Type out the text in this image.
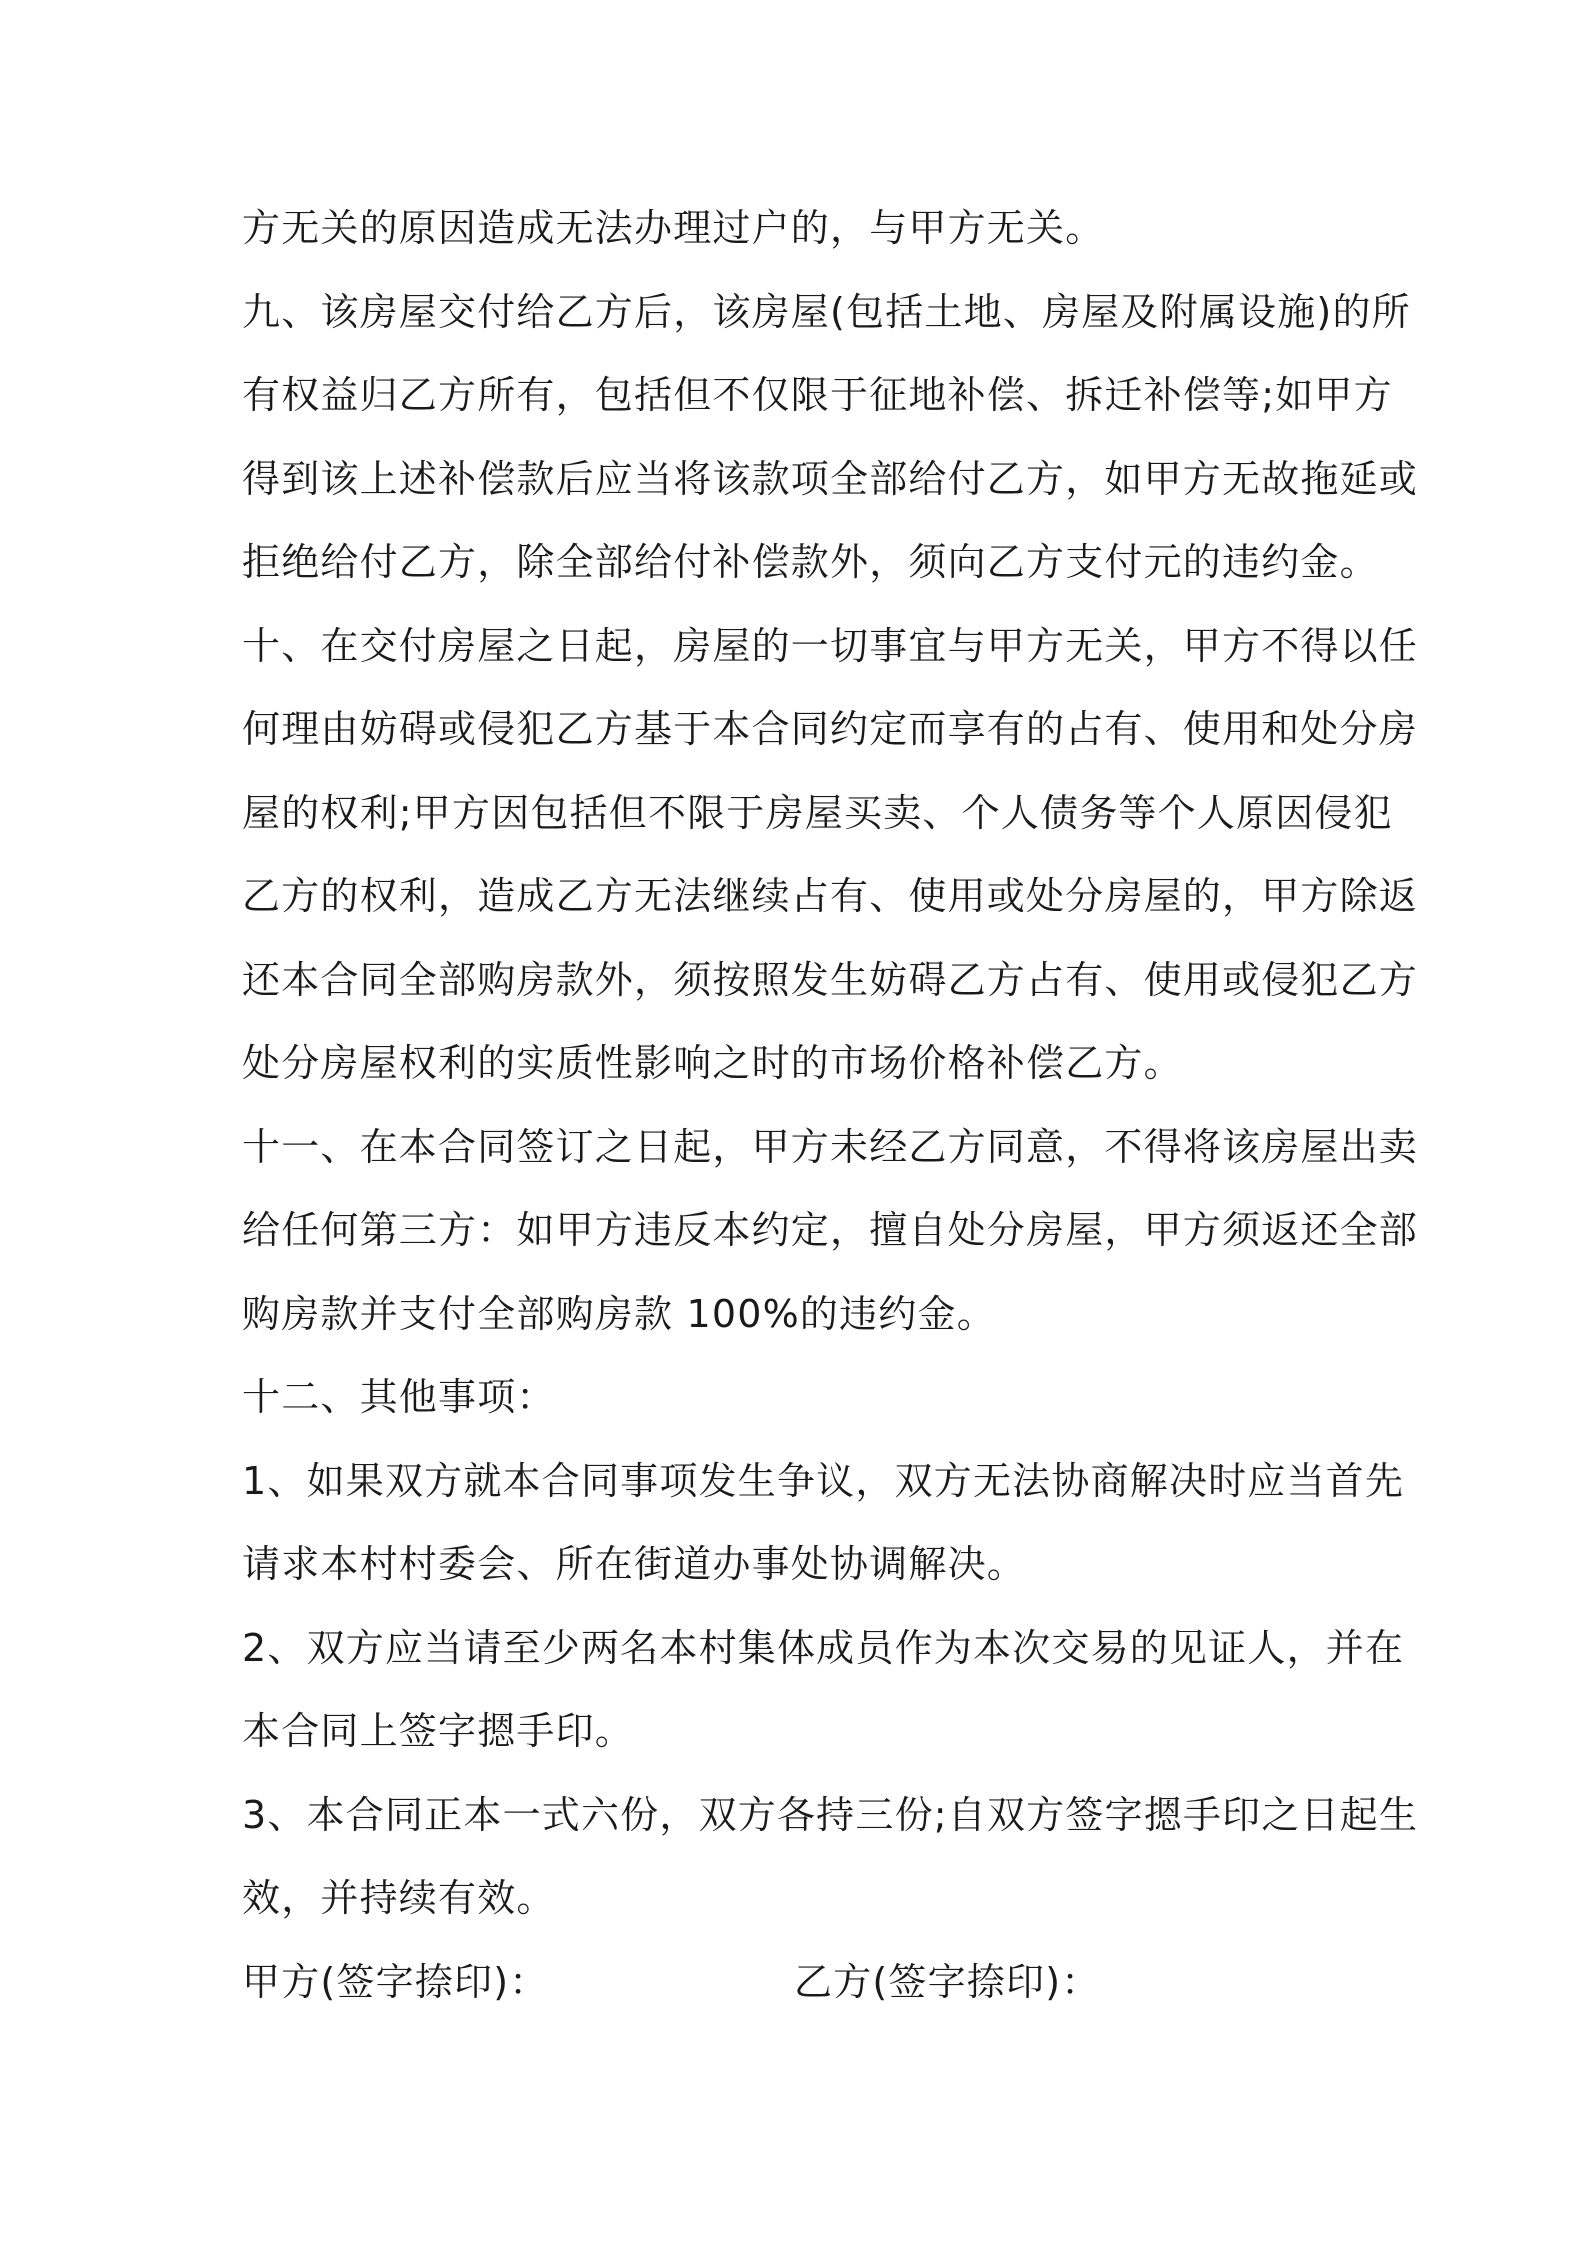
方无关的原因造成无法办理过户的，与甲方无关。
九、该房屋交付给乙方后，该房屋(包括土地、房屋及附属设施)的所
有权益归乙方所有，包括但不仅限于征地补偿、拆迁补偿等;如甲方
得到该上述补偿款后应当将该款项全部给付乙方，如甲方无故拖延或
拒绝给付乙方，除全部给付补偿款外，须向乙方支付元的违约金。
十、在交付房屋之日起，房屋的一切事宜与甲方无关，甲方不得以任
何理由妨碍或侵犯乙方基于本合同约定而享有的占有、使用和处分房
屋的权利;甲方因包括但不限于房屋买卖、个人债务等个人原因侵犯
乙方的权利，造成乙方无法继续占有、使用或处分房屋的，甲方除返
还本合同全部购房款外，须按照发生妨碍乙方占有、使用或侵犯乙方
处分房屋权利的实质性影响之时的市场价格补偿乙方。
十一、在本合同签订之日起，甲方未经乙方同意，不得将该房屋出卖
给任何第三方：如甲方违反本约定，擅自处分房屋，甲方须返还全部
购房款并支付全部购房款 100%的违约金。
十二、其他事项：
1、如果双方就本合同事项发生争议，双方无法协商解决时应当首先
请求本村村委会、所在街道办事处协调解决。
2、双方应当请至少两名本村集体成员作为本次交易的见证人，并在
本合同上签字摁手印。
3、本合同正本一式六份，双方各持三份;自双方签字摁手印之日起生
效，并持续有效。
甲方(签字捺印)：	乙方(签字捺印)：
